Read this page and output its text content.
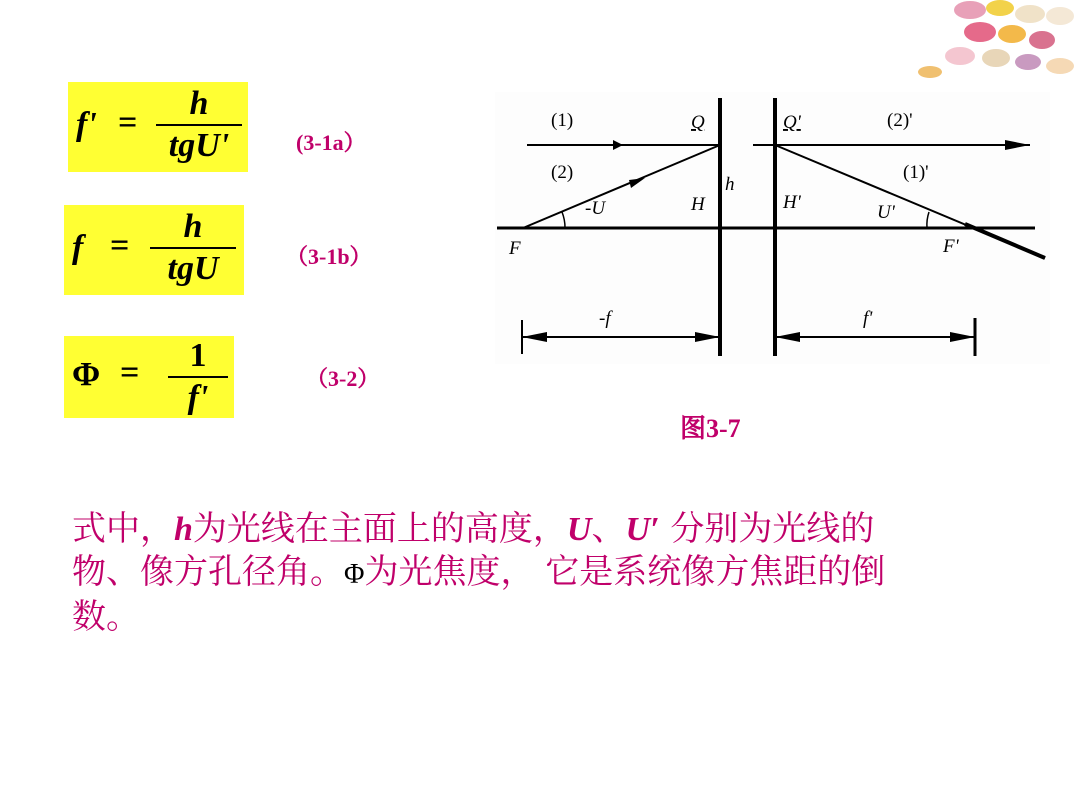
f' =
h
tgU'	(3-1a）
f =
h
tgU	（3-1b）
Φ =	1
f'
（3-2）
(1)
(2)
(2)'
(1)'
Q	Q'
H	H'
F	F'
h
-U	U'
-f	f'
图3-7
式中，h为光线在主面上的高度，U、U′ 分别为光线的物、像方孔径角。Φ为光焦度， 它是系统像方焦距的倒数。
